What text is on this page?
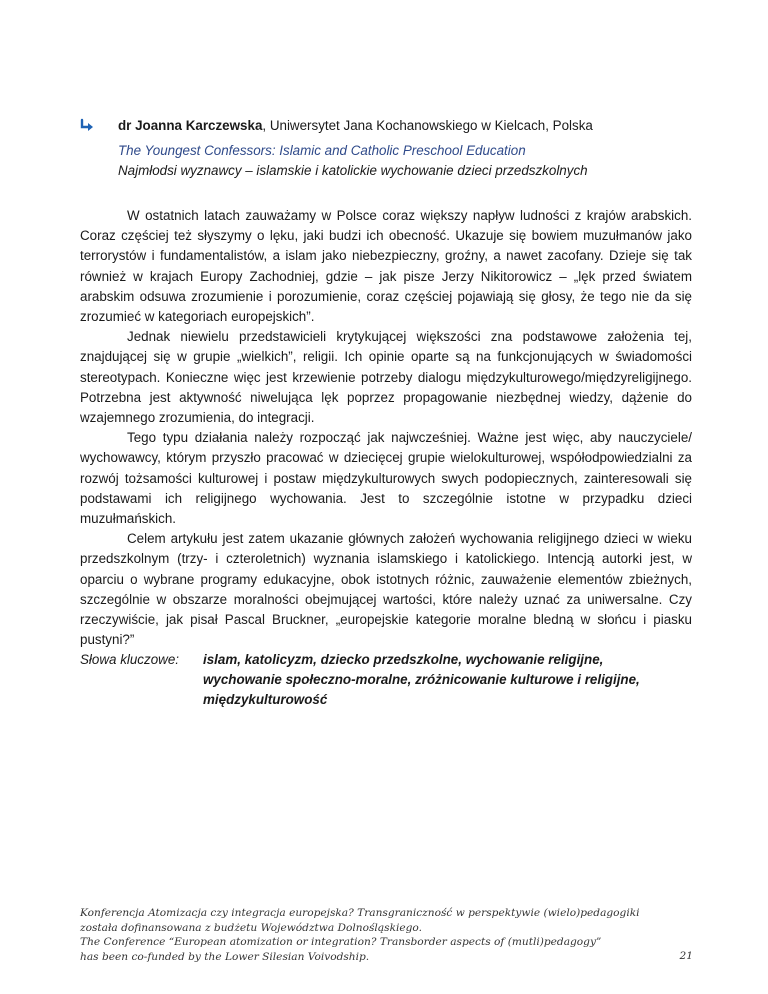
dr Joanna Karczewska, Uniwersytet Jana Kochanowskiego w Kielcach, Polska
The Youngest Confessors: Islamic and Catholic Preschool Education
Najmłodsi wyznawcy – islamskie i katolickie wychowanie dzieci przedszkolnych

W ostatnich latach zauważamy w Polsce coraz większy napływ ludności z krajów arabskich. Coraz częściej też słyszymy o lęku, jaki budzi ich obecność. Ukazuje się bowiem muzułmanów jako terrorystów i fundamentalistów, a islam jako niebezpieczny, groźny, a nawet zacofany. Dzieje się tak również w krajach Europy Zachodniej, gdzie – jak pisze Jerzy Nikitorowicz – „lęk przed światem arabskim odsuwa zrozumienie i porozumienie, coraz częściej pojawiają się głosy, że tego nie da się zrozumieć w kategoriach europejskich”.

Jednak niewielu przedstawicieli krytykującej większości zna podstawowe założenia tej, znajdującej się w grupie „wielkich”, religii. Ich opinie oparte są na funkcjonujących w świadomości stereotypach. Konieczne więc jest krzewienie potrzeby dialogu międzykulturowego/międzyreligijnego. Potrzebna jest aktywność niwelująca lęk poprzez propagowanie niezbędnej wiedzy, dążenie do wzajemnego zrozumienia, do integracji.

Tego typu działania należy rozpocząć jak najwcześniej. Ważne jest więc, aby nauczyciele/ wychowawcy, którym przyszło pracować w dziecięcej grupie wielokulturowej, współodpowiedzialni za rozwój tożsamości kulturowej i postaw międzykulturowych swych podopiecznych, zainteresowali się podstawami ich religijnego wychowania. Jest to szczególnie istotne w przypadku dzieci muzułmańskich.

Celem artykułu jest zatem ukazanie głównych założeń wychowania religijnego dzieci w wieku przedszkolnym (trzy- i czteroletnich) wyznania islamskiego i katolickiego. Intencją autorki jest, w oparciu o wybrane programy edukacyjne, obok istotnych różnic, zauważenie elementów zbieżnych, szczególnie w obszarze moralności obejmującej wartości, które należy uznać za uniwersalne. Czy rzeczywiście, jak pisał Pascal Bruckner, „europejskie kategorie moralne bledną w słońcu i piasku pustyni?”

Słowa kluczowe: islam, katolicyzm, dziecko przedszkolne, wychowanie religijne, wychowanie społeczno-moralne, zróżnicowanie kulturowe i religijne, międzykulturowość
Konferencja Atomizacja czy integracja europejska? Transgraniczność w perspektywie (wielo)pedagogiki
została dofinansowana z budżetu Województwa Dolnośląskiego.
The Conference “European atomization or integration? Transborder aspects of (mutli)pedagogy”
has been co-funded by the Lower Silesian Voivodship.	21
